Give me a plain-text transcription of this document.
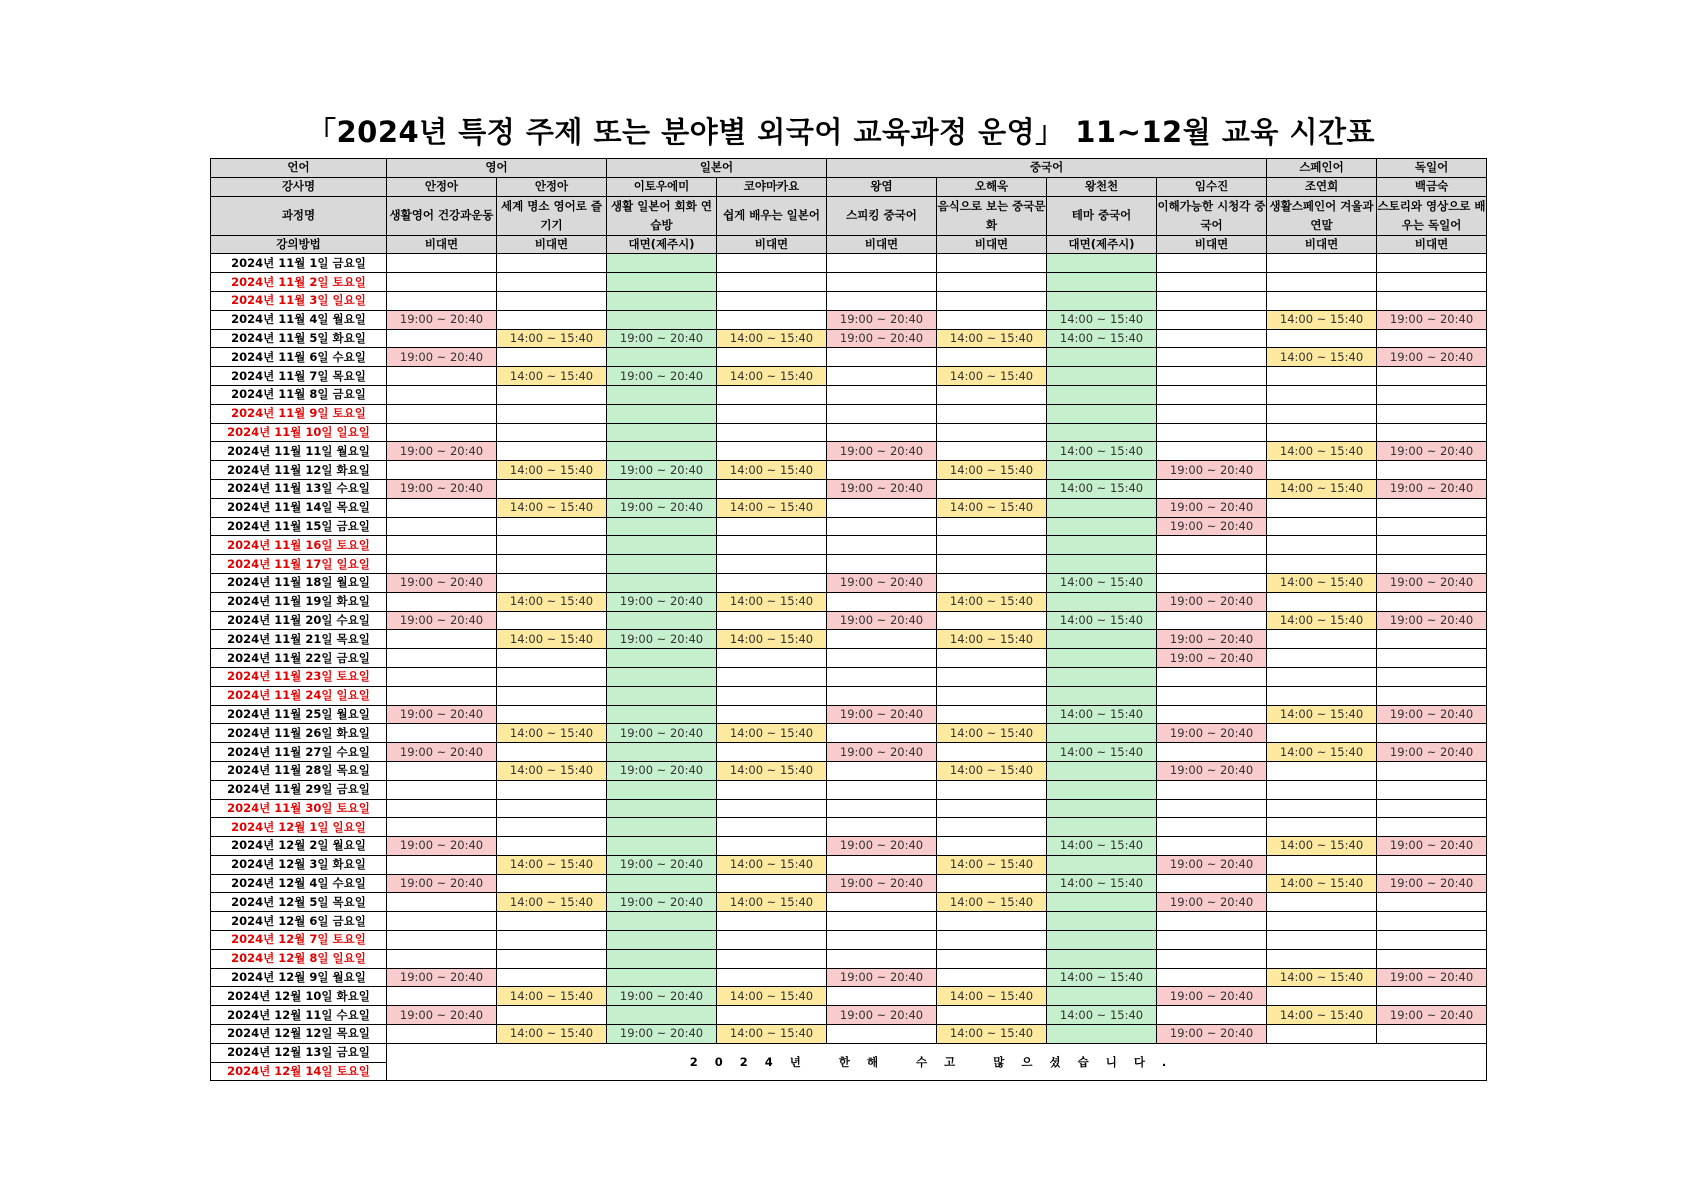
「2024년 특정 주제 또는 분야별 외국어 교육과정 운영」 11~12월 교육 시간표
언어	영어		일본어		중국어				스페인어	독일어
강사명	안정아	안정아	이토우에미	코야마카요	왕염	오해욱	왕천천	임수진	조연희	백금숙
과정명	생활영어 건강과운동	세계 명소 영어로 즐기기	생활 일본어 회화 연습방	쉽게 배우는 일본어	스피킹 중국어	음식으로 보는 중국문화	테마 중국어	이해가능한 시청각 중국어	생활스페인어 겨울과 연말	스토리와 영상으로 배우는 독일어
강의방법	비대면	비대면	대면(제주시)	비대면	비대면	비대면	대면(제주시)	비대면	비대면	비대면
2024년 11월 1일 금요일										
2024년 11월 2일 토요일										
2024년 11월 3일 일요일										
2024년 11월 4일 월요일	19:00 ~ 20:40				19:00 ~ 20:40		14:00 ~ 15:40		14:00 ~ 15:40	19:00 ~ 20:40
2024년 11월 5일 화요일		14:00 ~ 15:40	19:00 ~ 20:40	14:00 ~ 15:40	19:00 ~ 20:40	14:00 ~ 15:40	14:00 ~ 15:40			
2024년 11월 6일 수요일	19:00 ~ 20:40								14:00 ~ 15:40	19:00 ~ 20:40
2024년 11월 7일 목요일		14:00 ~ 15:40	19:00 ~ 20:40	14:00 ~ 15:40		14:00 ~ 15:40				
2024년 11월 8일 금요일										
2024년 11월 9일 토요일										
2024년 11월 10일 일요일										
2024년 11월 11일 월요일	19:00 ~ 20:40				19:00 ~ 20:40		14:00 ~ 15:40		14:00 ~ 15:40	19:00 ~ 20:40
2024년 11월 12일 화요일		14:00 ~ 15:40	19:00 ~ 20:40	14:00 ~ 15:40		14:00 ~ 15:40		19:00 ~ 20:40		
2024년 11월 13일 수요일	19:00 ~ 20:40				19:00 ~ 20:40		14:00 ~ 15:40		14:00 ~ 15:40	19:00 ~ 20:40
2024년 11월 14일 목요일		14:00 ~ 15:40	19:00 ~ 20:40	14:00 ~ 15:40		14:00 ~ 15:40		19:00 ~ 20:40		
2024년 11월 15일 금요일								19:00 ~ 20:40		
2024년 11월 16일 토요일										
2024년 11월 17일 일요일										
2024년 11월 18일 월요일	19:00 ~ 20:40				19:00 ~ 20:40		14:00 ~ 15:40		14:00 ~ 15:40	19:00 ~ 20:40
2024년 11월 19일 화요일		14:00 ~ 15:40	19:00 ~ 20:40	14:00 ~ 15:40		14:00 ~ 15:40		19:00 ~ 20:40		
2024년 11월 20일 수요일	19:00 ~ 20:40				19:00 ~ 20:40		14:00 ~ 15:40		14:00 ~ 15:40	19:00 ~ 20:40
2024년 11월 21일 목요일		14:00 ~ 15:40	19:00 ~ 20:40	14:00 ~ 15:40		14:00 ~ 15:40		19:00 ~ 20:40		
2024년 11월 22일 금요일								19:00 ~ 20:40		
2024년 11월 23일 토요일										
2024년 11월 24일 일요일										
2024년 11월 25일 월요일	19:00 ~ 20:40				19:00 ~ 20:40		14:00 ~ 15:40		14:00 ~ 15:40	19:00 ~ 20:40
2024년 11월 26일 화요일		14:00 ~ 15:40	19:00 ~ 20:40	14:00 ~ 15:40		14:00 ~ 15:40		19:00 ~ 20:40		
2024년 11월 27일 수요일	19:00 ~ 20:40				19:00 ~ 20:40		14:00 ~ 15:40		14:00 ~ 15:40	19:00 ~ 20:40
2024년 11월 28일 목요일		14:00 ~ 15:40	19:00 ~ 20:40	14:00 ~ 15:40		14:00 ~ 15:40		19:00 ~ 20:40		
2024년 11월 29일 금요일										
2024년 11월 30일 토요일										
2024년 12월 1일 일요일										
2024년 12월 2일 월요일	19:00 ~ 20:40				19:00 ~ 20:40		14:00 ~ 15:40		14:00 ~ 15:40	19:00 ~ 20:40
2024년 12월 3일 화요일		14:00 ~ 15:40	19:00 ~ 20:40	14:00 ~ 15:40		14:00 ~ 15:40		19:00 ~ 20:40		
2024년 12월 4일 수요일	19:00 ~ 20:40				19:00 ~ 20:40		14:00 ~ 15:40		14:00 ~ 15:40	19:00 ~ 20:40
2024년 12월 5일 목요일		14:00 ~ 15:40	19:00 ~ 20:40	14:00 ~ 15:40		14:00 ~ 15:40		19:00 ~ 20:40		
2024년 12월 6일 금요일										
2024년 12월 7일 토요일										
2024년 12월 8일 일요일										
2024년 12월 9일 월요일	19:00 ~ 20:40				19:00 ~ 20:40		14:00 ~ 15:40		14:00 ~ 15:40	19:00 ~ 20:40
2024년 12월 10일 화요일		14:00 ~ 15:40	19:00 ~ 20:40	14:00 ~ 15:40		14:00 ~ 15:40		19:00 ~ 20:40		
2024년 12월 11일 수요일	19:00 ~ 20:40				19:00 ~ 20:40		14:00 ~ 15:40		14:00 ~ 15:40	19:00 ~ 20:40
2024년 12월 12일 목요일		14:00 ~ 15:40	19:00 ~ 20:40	14:00 ~ 15:40		14:00 ~ 15:40		19:00 ~ 20:40		
2024년 12월 13일 금요일	2024년 한해 수고 많으셨습니다.									
2024년 12월 14일 토요일										
